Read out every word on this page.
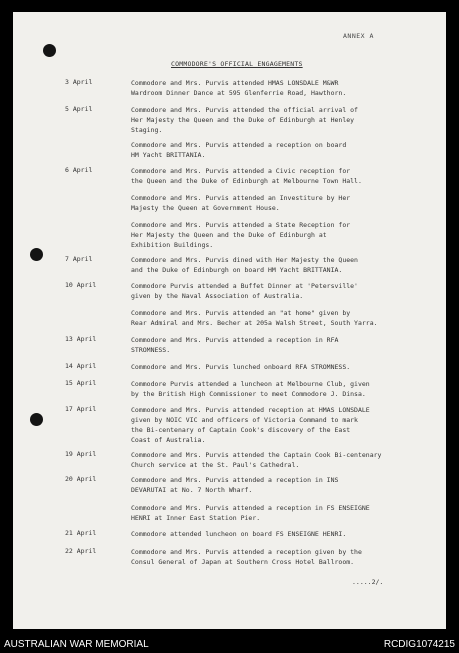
ANNEX A
COMMODORE'S OFFICIAL ENGAGEMENTS
3 April	Commodore and Mrs. Purvis attended HMAS LONSDALE M&WR
Wardroom Dinner Dance at 595 Glenferrie Road, Hawthorn.
5 April	Commodore and Mrs. Purvis attended the official arrival of
Her Majesty the Queen and the Duke of Edinburgh at Henley
Staging.
Commodore and Mrs. Purvis attended a reception on board
HM Yacht BRITTANIA.
6 April	Commodore and Mrs. Purvis attended a Civic reception for
the Queen and the Duke of Edinburgh at Melbourne Town Hall.
Commodore and Mrs. Purvis attended an Investiture by Her
Majesty the Queen at Government House.
Commodore and Mrs. Purvis attended a State Reception for
Her Majesty the Queen and the Duke of Edinburgh at
Exhibition Buildings.
7 April	Commodore and Mrs. Purvis dined with Her Majesty the Queen
and the Duke of Edinburgh on board HM Yacht BRITTANIA.
10 April	Commodore Purvis attended a Buffet Dinner at 'Petersville'
given by the Naval Association of Australia.
Commodore and Mrs. Purvis attended an "at home" given by
Rear Admiral and Mrs. Becher at 205a Walsh Street, South Yarra.
13 April	Commodore and Mrs. Purvis attended a reception in RFA
STROMNESS.
14 April	Commodore and Mrs. Purvis lunched onboard RFA STROMNESS.
15 April	Commodore Purvis attended a luncheon at Melbourne Club, given
by the British High Commissioner to meet Commodore J. Dinsa.
17 April	Commodore and Mrs. Purvis attended reception at HMAS LONSDALE
given by NOIC VIC and officers of Victoria Command to mark
the Bi-centenary of Captain Cook's discovery of the East
Coast of Australia.
19 April	Commodore and Mrs. Purvis attended the Captain Cook Bi-centenary
Church service at the St. Paul's Cathedral.
20 April	Commodore and Mrs. Purvis attended a reception in INS
DEVARUTAI at No. 7 North Wharf.
Commodore and Mrs. Purvis attended a reception in FS ENSEIGNE
HENRI at Inner East Station Pier.
21 April	Commodore attended luncheon on board FS ENSEIGNE HENRI.
22 April	Commodore and Mrs. Purvis attended a reception given by the
Consul General of Japan at Southern Cross Hotel Ballroom.
.....2/.
AUSTRALIAN WAR MEMORIAL	RCDIG1074215
